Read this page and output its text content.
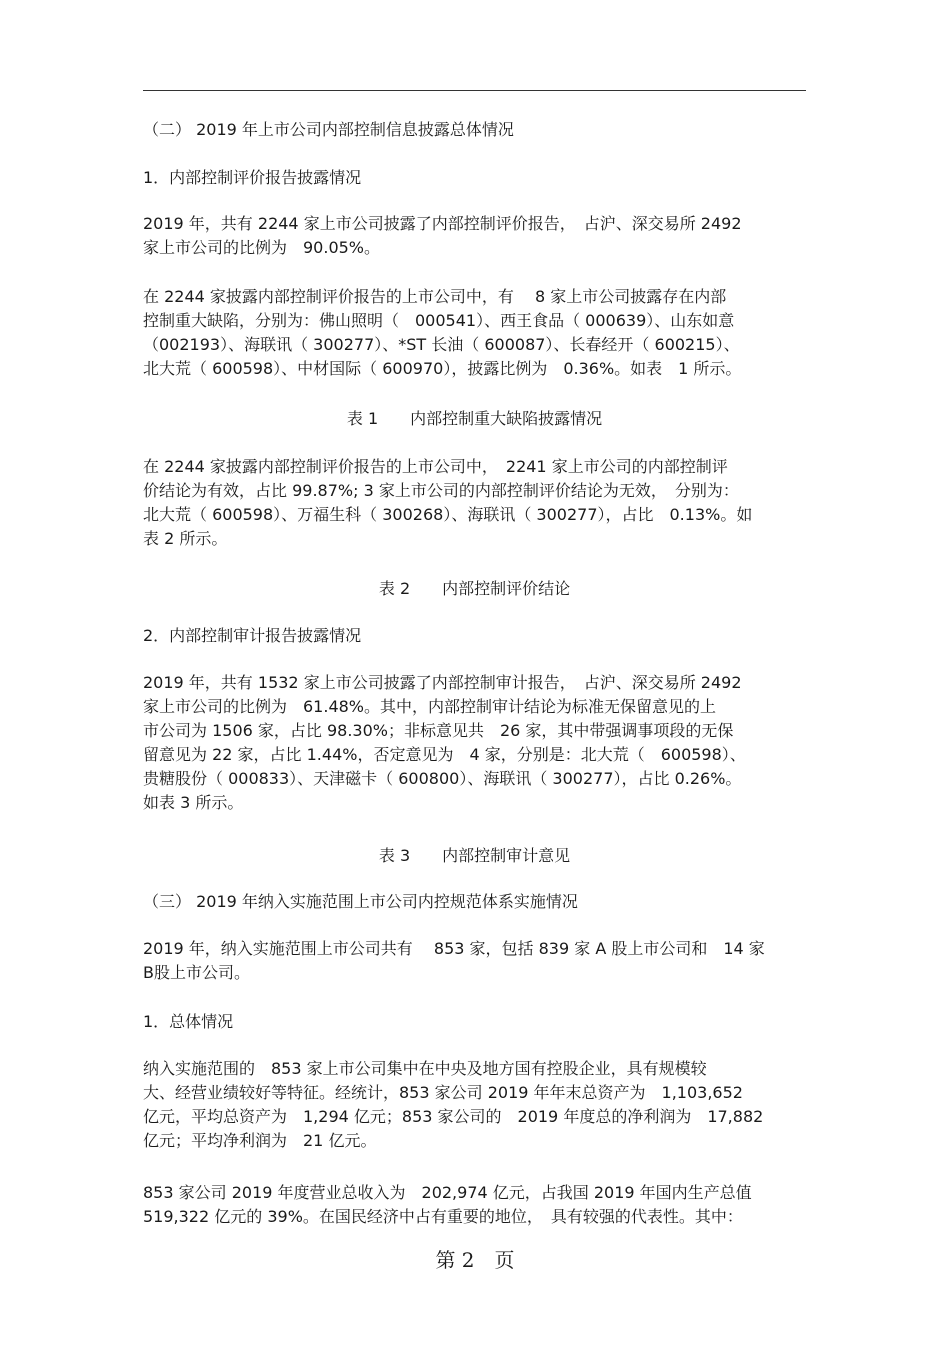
（二） 2019 年上市公司内部控制信息披露总体情况
1．内部控制评价报告披露情况
2019 年，共有 2244 家上市公司披露了内部控制评价报告，　占沪、深交易所 2492
家上市公司的比例为　90.05%。
在 2244 家披露内部控制评价报告的上市公司中，有　 8 家上市公司披露存在内部
控制重大缺陷，分别为：佛山照明（　000541）、西王食品（ 000639）、山东如意
（002193）、海联讯（ 300277）、*ST 长油（ 600087）、长春经开（ 600215）、
北大荒（ 600598）、中材国际（ 600970），披露比例为　0.36%。如表　1 所示。
表 1　　内部控制重大缺陷披露情况
在 2244 家披露内部控制评价报告的上市公司中，　2241 家上市公司的内部控制评
价结论为有效，占比 99.87%; 3 家上市公司的内部控制评价结论为无效，　分别为：
北大荒（ 600598）、万福生科（ 300268）、海联讯（ 300277），占比　0.13%。如
表 2 所示。
表 2　　内部控制评价结论
2．内部控制审计报告披露情况
2019 年，共有 1532 家上市公司披露了内部控制审计报告，　占沪、深交易所 2492
家上市公司的比例为　61.48%。其中，内部控制审计结论为标准无保留意见的上
市公司为 1506 家，占比 98.30%；非标意见共　26 家，其中带强调事项段的无保
留意见为 22 家，占比 1.44%，否定意见为　4 家，分别是：北大荒（　600598）、
贵糖股份（ 000833）、天津磁卡（ 600800）、海联讯（ 300277），占比 0.26%。
如表 3 所示。
表 3　　内部控制审计意见
（三） 2019 年纳入实施范围上市公司内控规范体系实施情况
2019 年，纳入实施范围上市公司共有　 853 家，包括 839 家 A 股上市公司和　14 家
B股上市公司。
1．总体情况
纳入实施范围的　853 家上市公司集中在中央及地方国有控股企业，具有规模较
大、经营业绩较好等特征。经统计，853 家公司 2019 年年末总资产为　1,103,652
亿元，平均总资产为　1,294 亿元；853 家公司的　2019 年度总的净利润为　17,882
亿元；平均净利润为　21 亿元。
853 家公司 2019 年度营业总收入为　202,974 亿元，占我国 2019 年国内生产总值
519,322 亿元的 39%。在国民经济中占有重要的地位，　具有较强的代表性。其中：
第 2　页
